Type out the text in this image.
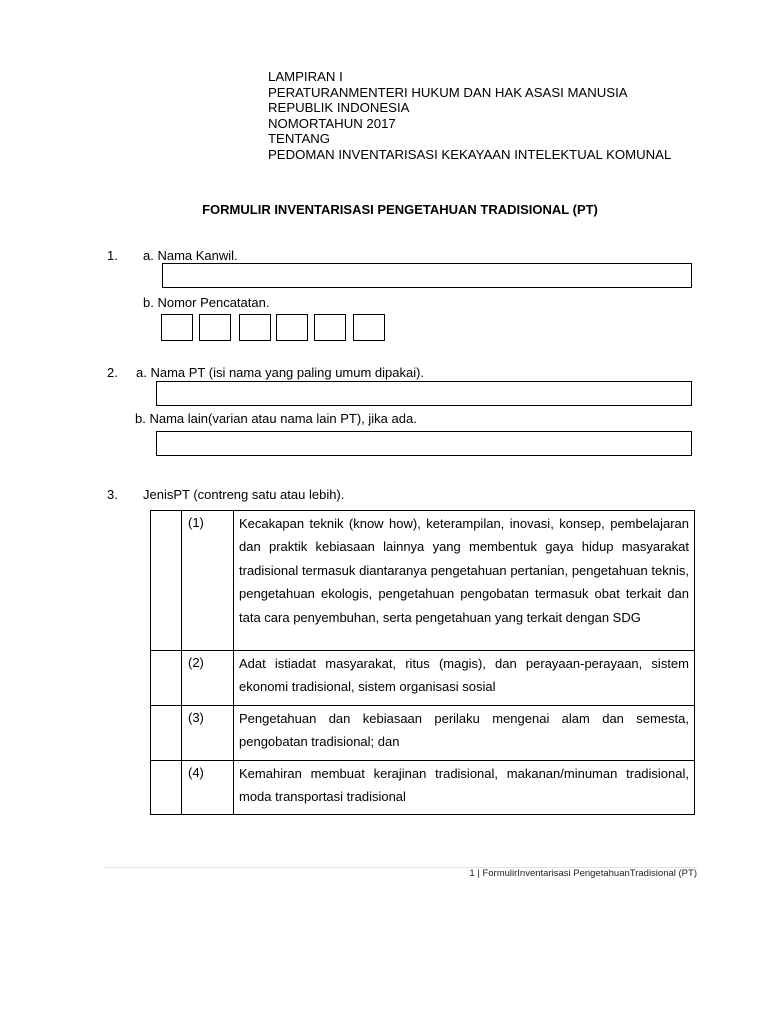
LAMPIRAN I
PERATURANMENTERI HUKUM DAN HAK ASASI MANUSIA
REPUBLIK INDONESIA
NOMORTAHUN 2017
TENTANG
PEDOMAN INVENTARISASI KEKAYAAN INTELEKTUAL KOMUNAL
FORMULIR INVENTARISASI PENGETAHUAN TRADISIONAL (PT)
1. a. Nama Kanwil.
b. Nomor Pencatatan.
2. a. Nama PT (isi nama yang paling umum dipakai).
b. Nama lain(varian atau nama lain PT), jika ada.
3. JenisPT (contreng satu atau lebih).
	(1)	Kecakapan teknik (know how), keterampilan, inovasi, konsep, pembelajaran dan praktik kebiasaan lainnya yang membentuk gaya hidup masyarakat tradisional termasuk diantaranya pengetahuan pertanian, pengetahuan teknis, pengetahuan ekologis, pengetahuan pengobatan termasuk obat terkait dan tata cara penyembuhan, serta pengetahuan yang terkait dengan SDG
	(2)	Adat istiadat masyarakat, ritus (magis), dan perayaan-perayaan, sistem ekonomi tradisional, sistem organisasi sosial
	(3)	Pengetahuan dan kebiasaan perilaku mengenai alam dan semesta, pengobatan tradisional; dan
	(4)	Kemahiran membuat kerajinan tradisional, makanan/minuman tradisional, moda transportasi tradisional
1 | FormulirInventarisasi PengetahuanTradisional (PT)
